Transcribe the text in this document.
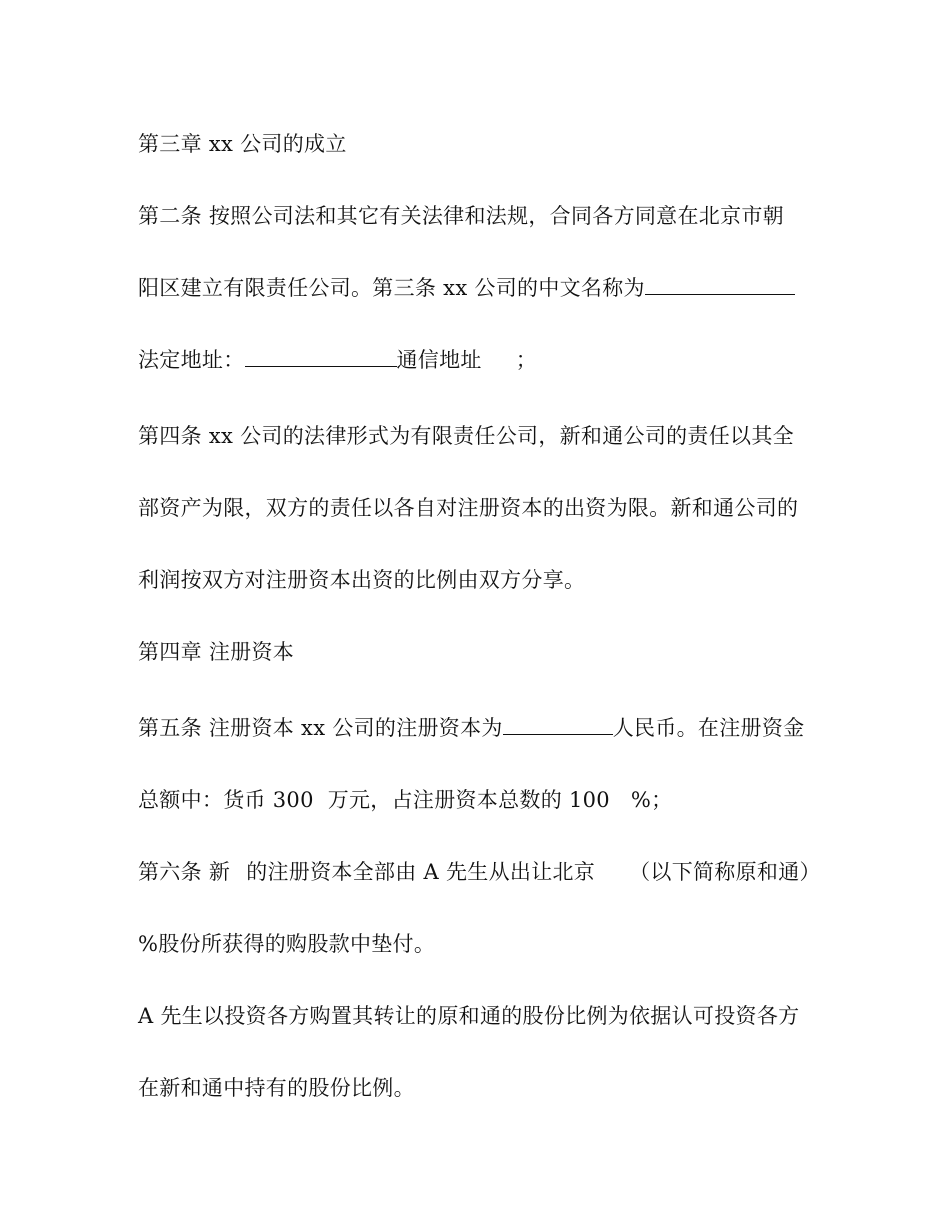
第三章 xx 公司的成立
第二条 按照公司法和其它有关法律和法规，合同各方同意在北京市朝
阳区建立有限责任公司。第三条 xx 公司的中文名称为
法定地址：	通信地址 ；
第四条 xx 公司的法律形式为有限责任公司，新和通公司的责任以其全
部资产为限，双方的责任以各自对注册资本的出资为限。新和通公司的
利润按双方对注册资本出资的比例由双方分享。
第四章 注册资本
第五条 注册资本 xx 公司的注册资本为	人民币。在注册资金
总额中：货币 300  万元，占注册资本总数的 100   %；
第六条 新 的注册资本全部由 A 先生从出让北京 （以下简称原和通）
%股份所获得的购股款中垫付。
A 先生以投资各方购置其转让的原和通的股份比例为依据认可投资各方
在新和通中持有的股份比例。
